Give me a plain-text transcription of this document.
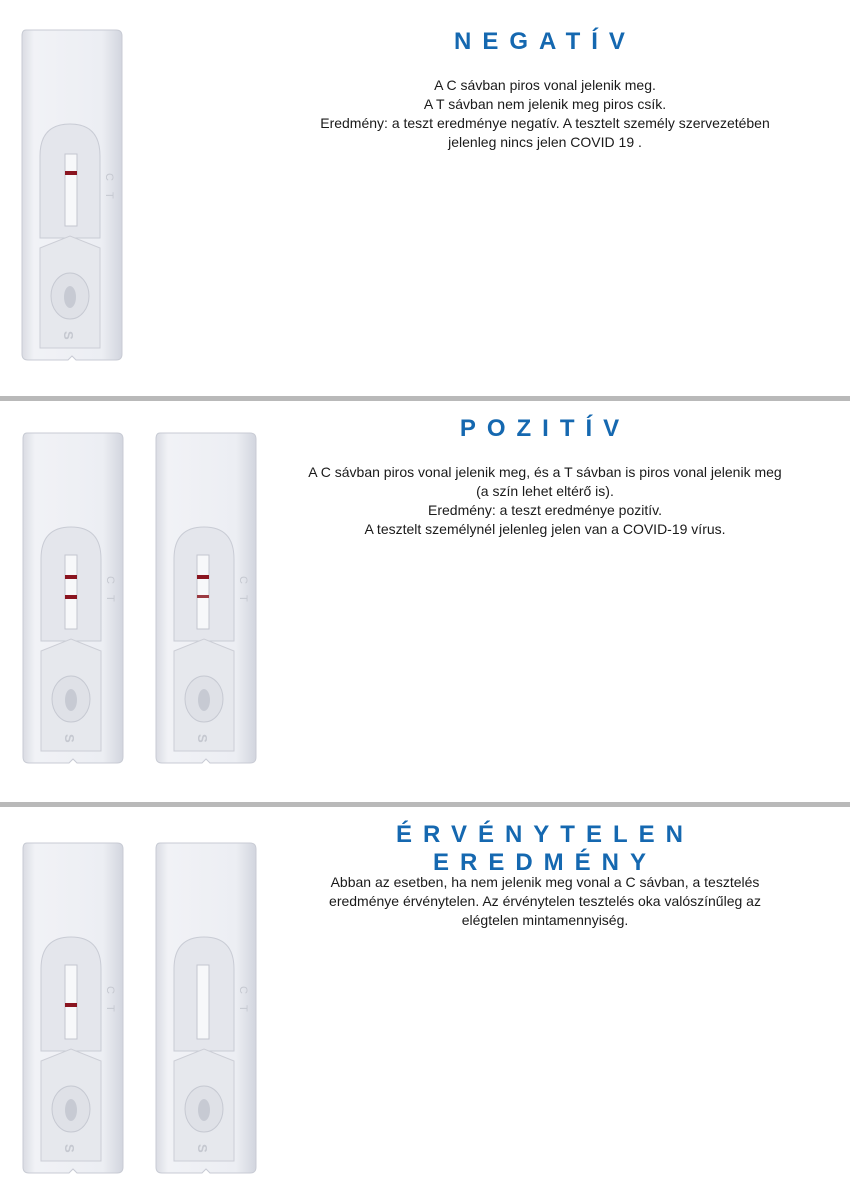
C
T
S
NEGATÍV
A C sávban piros vonal jelenik meg.
A T sávban nem jelenik meg piros csík.
Eredmény: a teszt eredménye negatív. A tesztelt személy szervezetében
jelenleg nincs jelen COVID 19 .
C
T
S
C
T
S
POZITÍV
A C sávban piros vonal jelenik meg, és a T sávban is piros vonal jelenik meg
(a szín lehet eltérő is).
Eredmény: a teszt eredménye pozitív.
A tesztelt személynél jelenleg jelen van a COVID-19 vírus.
C
T
S
C
T
S
ÉRVÉNYTELEN EREDMÉNY
Abban az esetben, ha nem jelenik meg vonal a C sávban, a tesztelés
eredménye érvénytelen. Az érvénytelen tesztelés oka valószínűleg az
elégtelen mintamennyiség.
